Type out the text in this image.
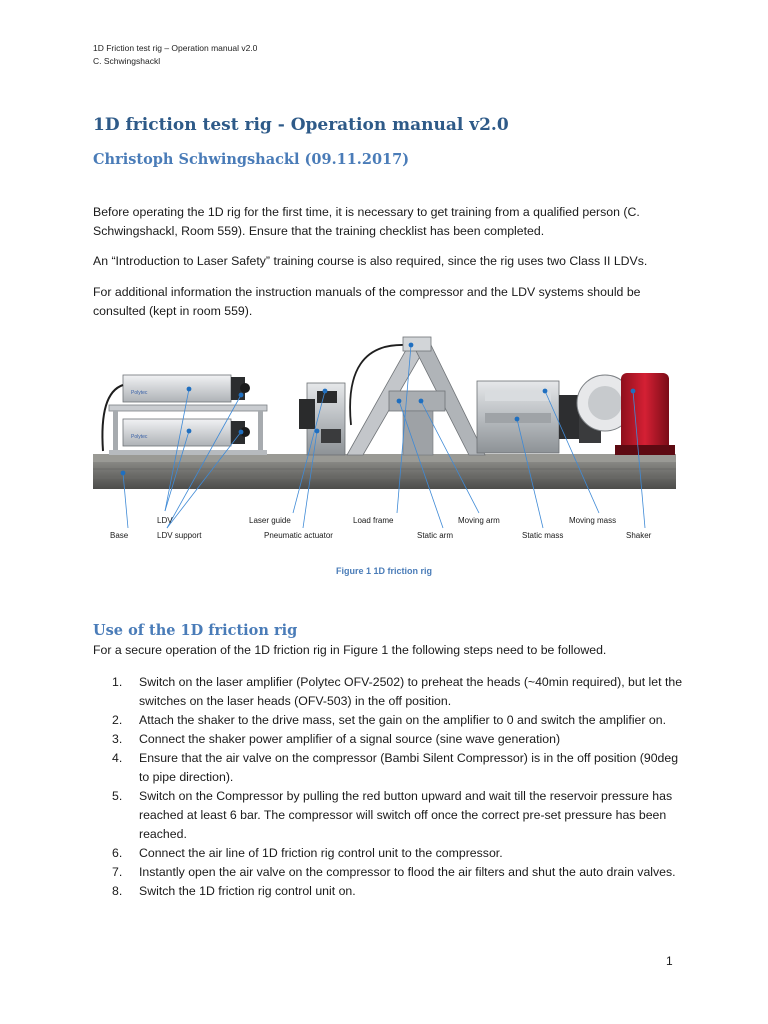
1D Friction test rig – Operation manual v2.0
C. Schwingshackl
1D friction test rig - Operation manual v2.0
Christoph Schwingshackl (09.11.2017)

Before operating the 1D rig for the first time, it is necessary to get training from a qualified person (C. Schwingshackl, Room 559). Ensure that the training checklist has been completed.

An “Introduction to Laser Safety” training course is also required, since the rig uses two Class II LDVs.

For additional information the instruction manuals of the compressor and the LDV systems should be consulted (kept in room 559).

Polytec
Polytec
LDV	Laser guide	Load frame	Moving arm	Moving mass
Base	LDV support	Pneumatic actuator	Static arm	Static mass	Shaker
Figure 1 1D friction rig
Use of the 1D friction rig

For a secure operation of the 1D friction rig in Figure 1 the following steps need to be followed.

1. Switch on the laser amplifier (Polytec OFV-2502) to preheat the heads (~40min required), but let the switches on the laser heads (OFV-503) in the off position.
2. Attach the shaker to the drive mass, set the gain on the amplifier to 0 and switch the amplifier on.
3. Connect the shaker power amplifier of a signal source (sine wave generation)
4. Ensure that the air valve on the compressor (Bambi Silent Compressor) is in the off position (90deg to pipe direction).
5. Switch on the Compressor by pulling the red button upward and wait till the reservoir pressure has reached at least 6 bar. The compressor will switch off once the correct pre-set pressure has been reached.
6. Connect the air line of 1D friction rig control unit to the compressor.
7. Instantly open the air valve on the compressor to flood the air filters and shut the auto drain valves.
8. Switch the 1D friction rig control unit on.
1
